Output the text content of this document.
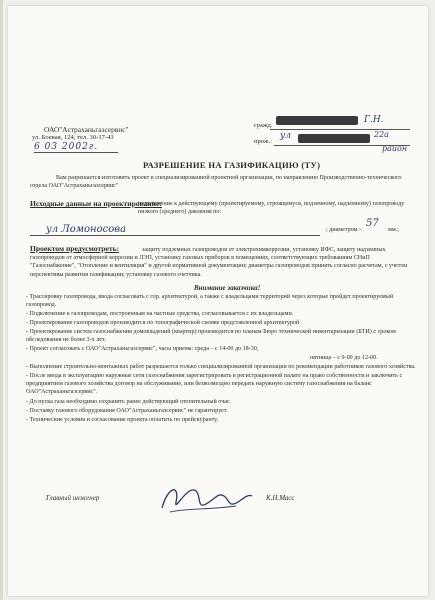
ОАО"Астраханьгазсервис"
ул. Боевая, 124, тел. 30-17-43
6 03 2002г.
гражд.
Г.Н.
прож.:
ул	22а
район
РАЗРЕШЕНИЕ НА ГАЗИФИКАЦИЮ (ТУ)
Вам разрешается изготовить проект в специализированной проектной организации, по направлению Производственно-технического отдела ОАО"Астраханьгазсервис"
Исходные данные на проектирование:
подключение к действующему (проектируемому, строящемуся, подземному, надземному) газопроводу низкого (среднего) давления по:
ул Ломоносова	; диаметром -
57
мм.;
Проектом предусмотреть:	защиту подземных газопроводов от электрохимкоррозии, установку ИФС, защиту надземных газопроводов от атмосферной коррозии и ЛЭП, установку газовых приборов в помещениях, соответствующих требованиям СНиП "Газоснабжение", "Отопление и вентиляция" и другой нормативной документации; диаметры газопроводов принять согласно расчетам, с учетом перспективы развития газификации; установку газового счетчика.
Внимание заказчика!
- Трассировку газопровода, ввода согласовать с гор. архитектурой, а также с владельцами территорий через которые пройдет проектируемый газопровод.
- Подключение к газопроводам, построенным на частные средства, согласовывается с их владельцами.
- Проектирование газопроводов производится по топографической съемке представленной архитектурой
- Проектирование систем газоснабжения домовладений (квартир) производится по планам Бюро технической инвентаризации (БТИ) с сроком обследования не более 3-х лет.
- Проект согласовать с ОАО"Астраханьгазсервис", часы приема: среда – с 14-00 до 18-30,
- Выполнение строительно-монтажных работ разрешается только специализированной организации по рекомендации работников газового хозяйства.
- После ввода в эксплуатацию наружные сети газоснабжения зарегистрировать в регистрационной палате на право собственности и заключить с предприятием газового хозяйства договор на обслуживание, или безвозмездно передать наружную систему газоснабжения на баланс ОАО"Астраханьгазсервис".
пятница – с 9-00 до 12-00.
- До пуска газа необходимо сохранить ранее действующий отопительный очаг.
- Поставку газового оборудования ОАО"Астраханьгазсервис" не гарантирует.
- Технические условия и согласование проекта оплатить по прейскуранту.
Главный инженер	К.Н.Масс
